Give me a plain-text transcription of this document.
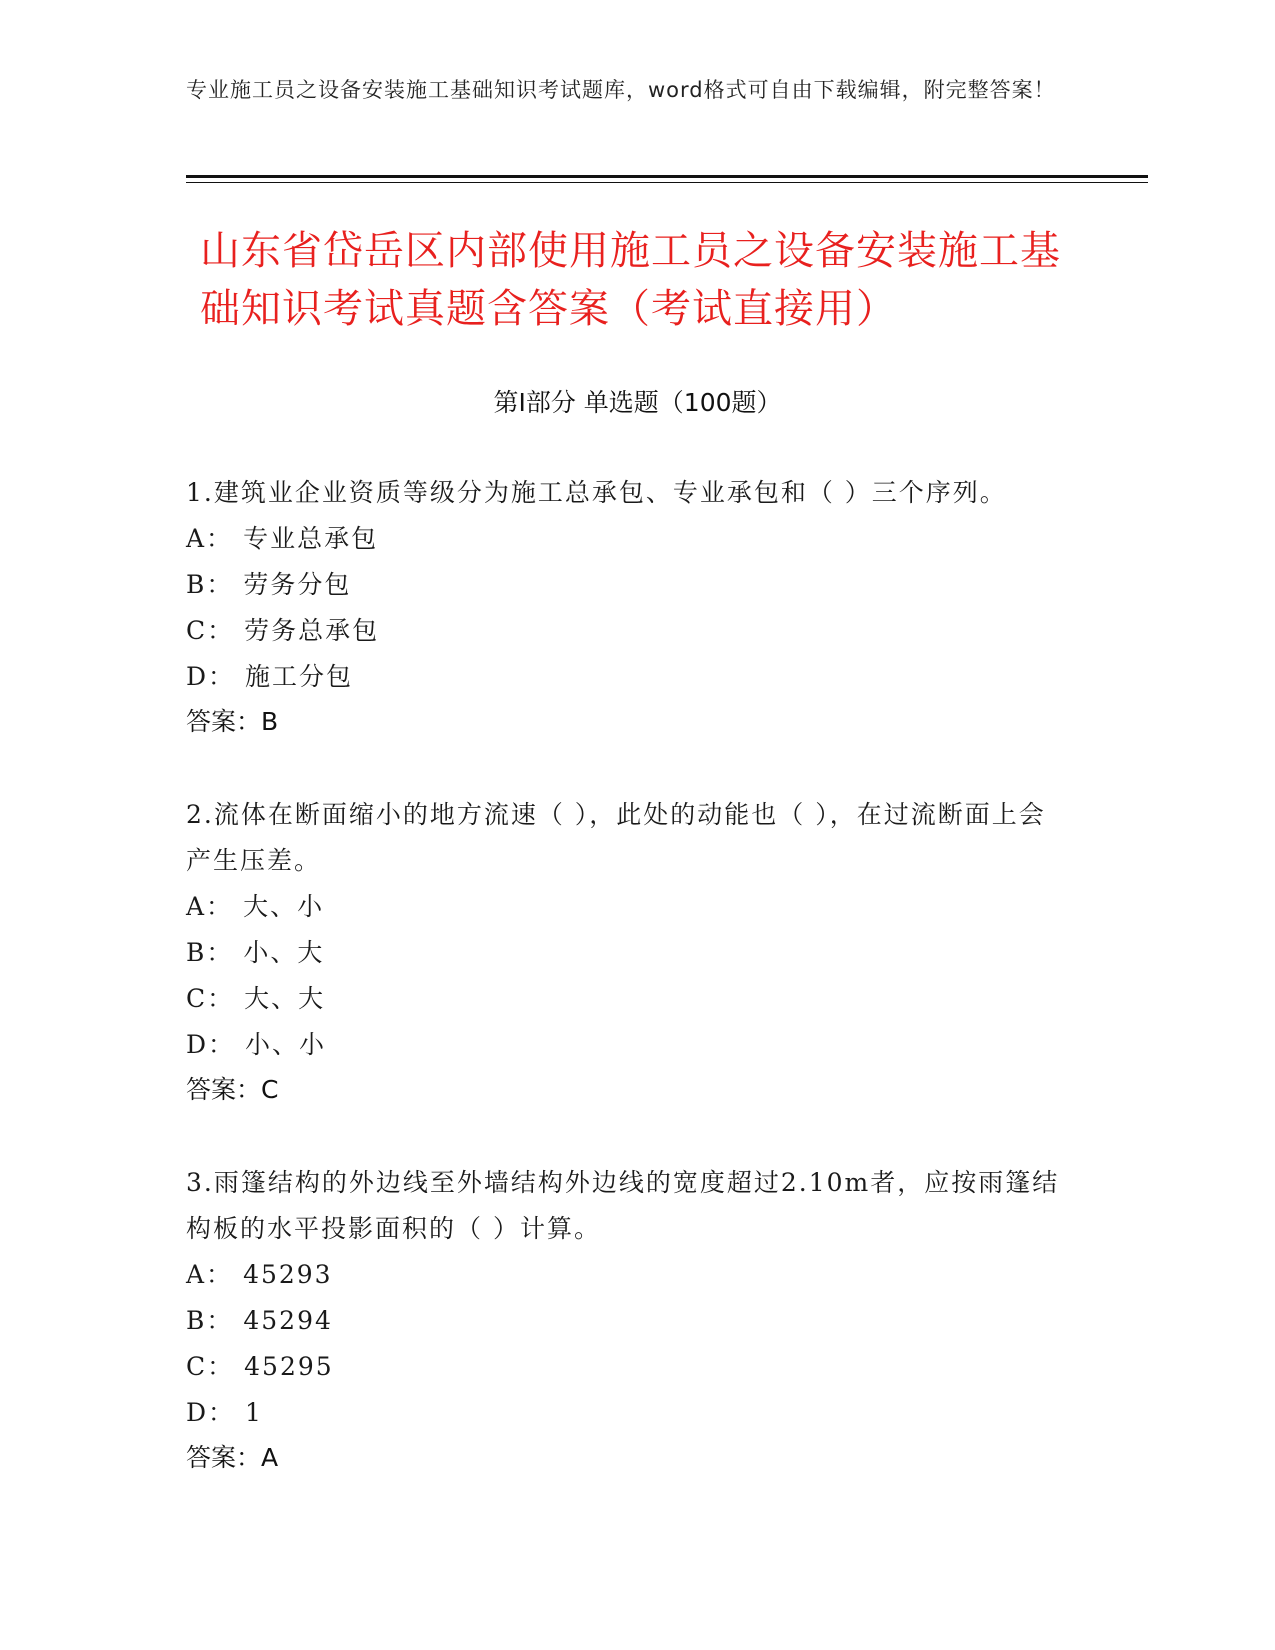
专业施工员之设备安装施工基础知识考试题库，word格式可自由下载编辑，附完整答案！
山东省岱岳区内部使用施工员之设备安装施工基础知识考试真题含答案（考试直接用）
第Ⅰ部分 单选题（100题）

1.建筑业企业资质等级分为施工总承包、专业承包和（ ）三个序列。

A： 专业总承包

B： 劳务分包

C： 劳务总承包

D： 施工分包

答案：B

2.流体在断面缩小的地方流速（ ），此处的动能也（ ），在过流断面上会产生压差。

A： 大、小

B： 小、大

C： 大、大

D： 小、小

答案：C

3.雨篷结构的外边线至外墙结构外边线的宽度超过2.10m者，应按雨篷结构板的水平投影面积的（ ）计算。

A： 45293

B： 45294

C： 45295

D： 1

答案：A
